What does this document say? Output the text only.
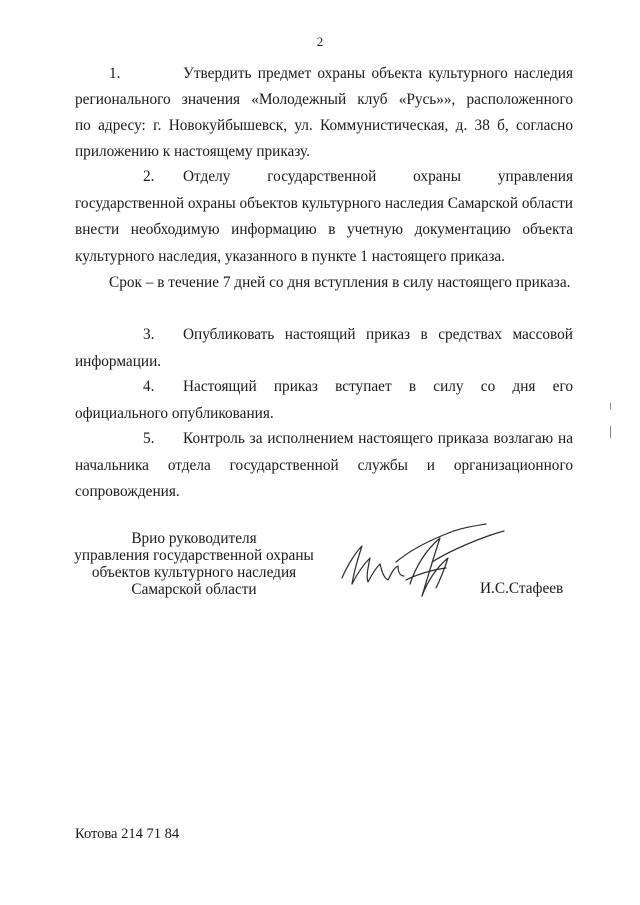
2
1.	Утвердить предмет охраны объекта культурного наследия
регионального значения «Молодежный клуб «Русь»», расположенного
по адресу: г. Новокуйбышевск, ул. Коммунистическая, д. 38 б, согласно
приложению к настоящему приказу.
2. Отделу государственной охраны управления государственной охраны объектов культурного наследия Самарской области внести необходимую информацию в учетную документацию объекта культурного наследия, указанного в пункте 1 настоящего приказа.
Срок – в течение 7 дней со дня вступления в силу настоящего приказа.
3. Опубликовать настоящий приказ в средствах массовой информации.
4. Настоящий приказ вступает в силу со дня его официального опубликования.
5. Контроль за исполнением настоящего приказа возлагаю на начальника отдела государственной службы и организационного сопровождения.
Врио руководителя
управления государственной охраны
объектов культурного наследия
Самарской области	И.С.Стафеев
Котова 214 71 84
